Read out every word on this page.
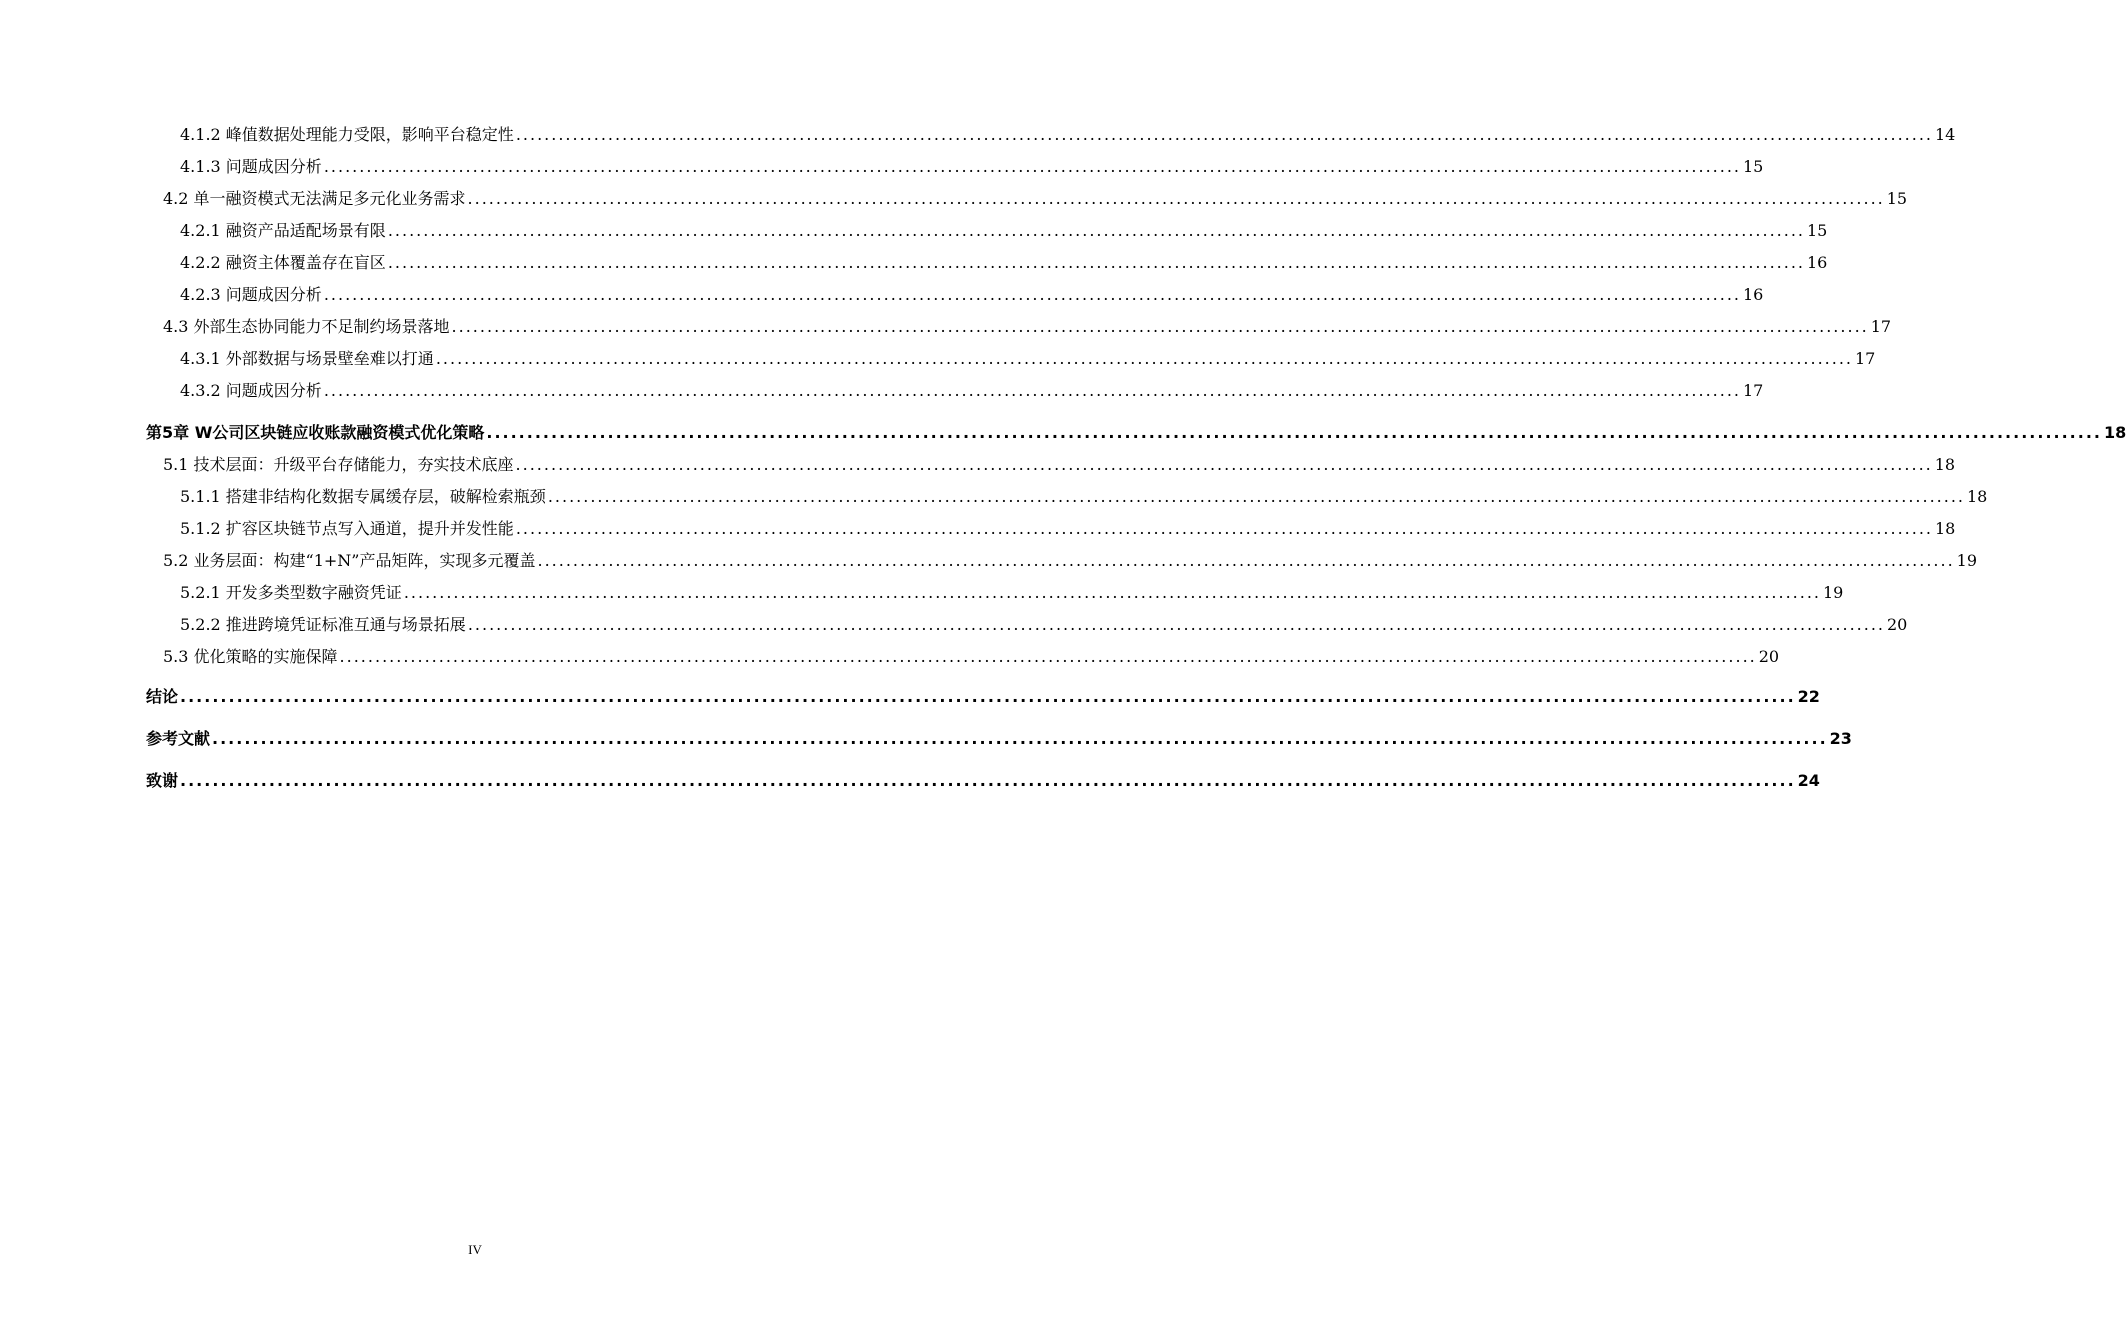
4.1.2 峰值数据处理能力受限，影响平台稳定性 ........................................................................................................................................................................................................ 14
4.1.3 问题成因分析 ........................................................................................................................................................................................................ 15
4.2 单一融资模式无法满足多元化业务需求 ........................................................................................................................................................................................................ 15
4.2.1 融资产品适配场景有限 ........................................................................................................................................................................................................ 15
4.2.2 融资主体覆盖存在盲区 ........................................................................................................................................................................................................ 16
4.2.3 问题成因分析 ........................................................................................................................................................................................................ 16
4.3 外部生态协同能力不足制约场景落地 ........................................................................................................................................................................................................ 17
4.3.1 外部数据与场景壁垒难以打通 ........................................................................................................................................................................................................ 17
4.3.2 问题成因分析 ........................................................................................................................................................................................................ 17
第5章 W公司区块链应收账款融资模式优化策略 ........................................................................................................................................................................................................ 18
5.1 技术层面：升级平台存储能力，夯实技术底座 ........................................................................................................................................................................................................ 18
5.1.1 搭建非结构化数据专属缓存层，破解检索瓶颈 ........................................................................................................................................................................................................ 18
5.1.2 扩容区块链节点写入通道，提升并发性能 ........................................................................................................................................................................................................ 18
5.2 业务层面：构建“1+N”产品矩阵，实现多元覆盖 ........................................................................................................................................................................................................ 19
5.2.1 开发多类型数字融资凭证 ........................................................................................................................................................................................................ 19
5.2.2 推进跨境凭证标准互通与场景拓展 ........................................................................................................................................................................................................ 20
5.3 优化策略的实施保障 ........................................................................................................................................................................................................ 20
结论 ........................................................................................................................................................................................................ 22
参考文献 ........................................................................................................................................................................................................ 23
致谢 ........................................................................................................................................................................................................ 24
IV
